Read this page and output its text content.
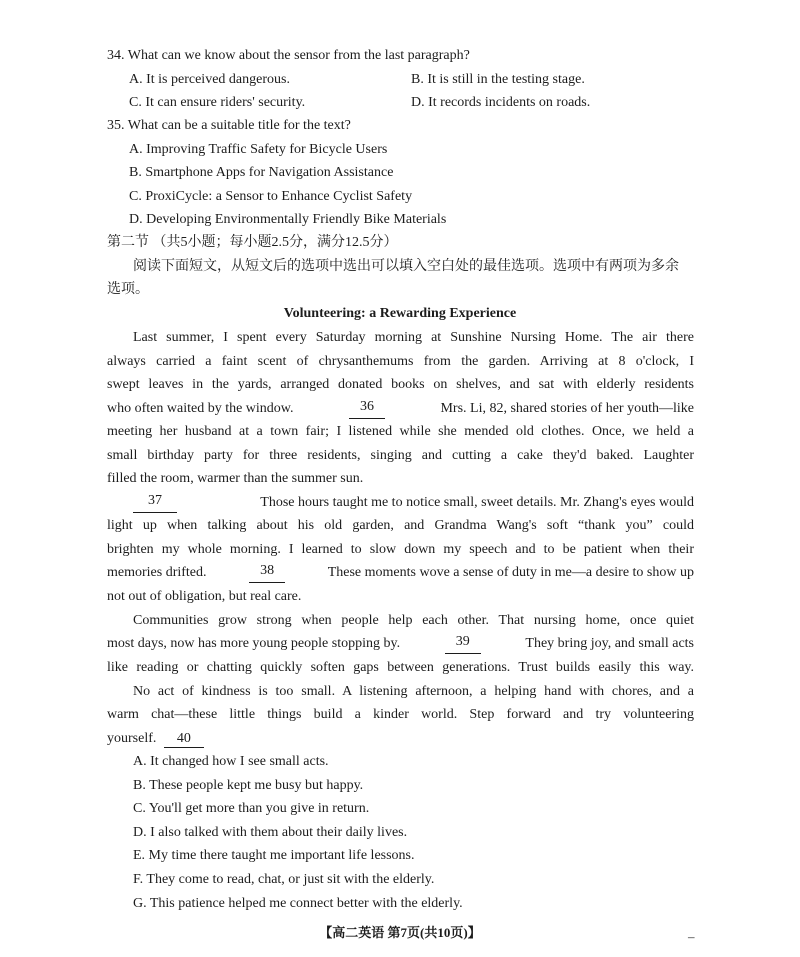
34. What can we know about the sensor from the last paragraph?
A. It is perceived dangerous.	B. It is still in the testing stage.
C. It can ensure riders' security.	D. It records incidents on roads.
35. What can be a suitable title for the text?
A. Improving Traffic Safety for Bicycle Users
B. Smartphone Apps for Navigation Assistance
C. ProxiCycle: a Sensor to Enhance Cyclist Safety
D. Developing Environmentally Friendly Bike Materials
第二节 （共5小题；每小题2.5分，满分12.5分）
阅读下面短文，从短文后的选项中选出可以填入空白处的最佳选项。选项中有两项为多余
选项。
Volunteering: a Rewarding Experience
Last summer, I spent every Saturday morning at Sunshine Nursing Home. The air there
always carried a faint scent of chrysanthemums from the garden. Arriving at 8 o'clock, I
swept leaves in the yards, arranged donated books on shelves, and sat with elderly residents
who often waited by the window.	36	Mrs. Li, 82, shared stories of her youth—like
meeting her husband at a town fair; I listened while she mended old clothes. Once, we held a
small birthday party for three residents, singing and cutting a cake they'd baked. Laughter
filled the room, warmer than the summer sun.
37	Those hours taught me to notice small, sweet details. Mr. Zhang's eyes would
light up when talking about his old garden, and Grandma Wang's soft “thank you” could
brighten my whole morning. I learned to slow down my speech and to be patient when their
memories drifted.	38	These moments wove a sense of duty in me—a desire to show up
not out of obligation, but real care.
Communities grow strong when people help each other. That nursing home, once quiet
most days, now has more young people stopping by.	39	They bring joy, and small acts
like reading or chatting quickly soften gaps between generations. Trust builds easily this way.
No act of kindness is too small. A listening afternoon, a helping hand with chores, and a
warm chat—these little things build a kinder world. Step forward and try volunteering
yourself. 40
A. It changed how I see small acts.
B. These people kept me busy but happy.
C. You'll get more than you give in return.
D. I also talked with them about their daily lives.
E. My time there taught me important life lessons.
F. They come to read, chat, or just sit with the elderly.
G. This patience helped me connect better with the elderly.
【高二英语 第7页(共10页)】	–
